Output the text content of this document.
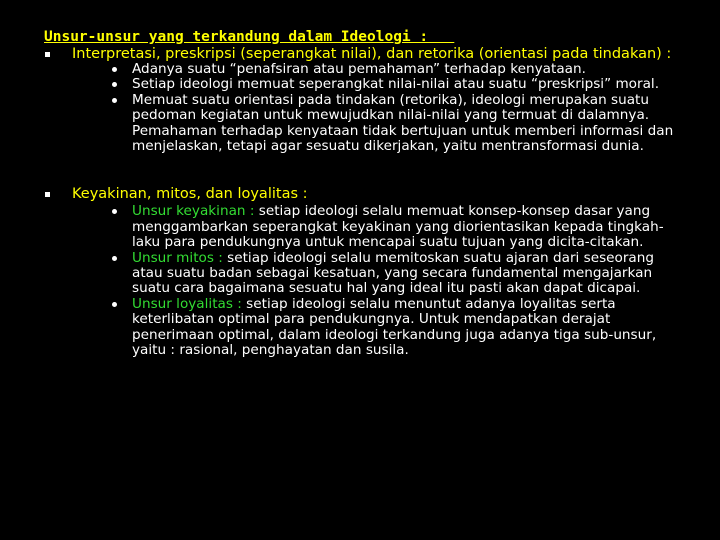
Unsur-unsur yang terkandung dalam Ideologi :
Interpretasi, preskripsi (seperangkat nilai), dan retorika (orientasi pada tindakan) :
Adanya suatu “penafsiran atau pemahaman” terhadap kenyataan.
Setiap ideologi memuat seperangkat nilai-nilai atau suatu “preskripsi” moral.
Memuat suatu orientasi pada tindakan (retorika), ideologi merupakan suatu pedoman kegiatan untuk mewujudkan nilai-nilai yang termuat di dalamnya. Pemahaman terhadap kenyataan tidak bertujuan untuk memberi informasi dan menjelaskan, tetapi agar sesuatu dikerjakan, yaitu mentransformasi dunia.
Keyakinan, mitos, dan loyalitas :
Unsur keyakinan : setiap ideologi selalu memuat konsep-konsep dasar yang menggambarkan seperangkat keyakinan yang diorientasikan kepada tingkah-laku para pendukungnya untuk mencapai suatu tujuan yang dicita-citakan.
Unsur mitos : setiap ideologi selalu memitoskan suatu ajaran dari seseorang atau suatu badan sebagai kesatuan, yang secara fundamental mengajarkan suatu cara bagaimana sesuatu hal yang ideal itu pasti akan dapat dicapai.
Unsur loyalitas : setiap ideologi selalu menuntut adanya loyalitas serta keterlibatan optimal para pendukungnya. Untuk mendapatkan derajat penerimaan optimal, dalam ideologi terkandung juga adanya tiga sub-unsur, yaitu : rasional, penghayatan dan susila.
